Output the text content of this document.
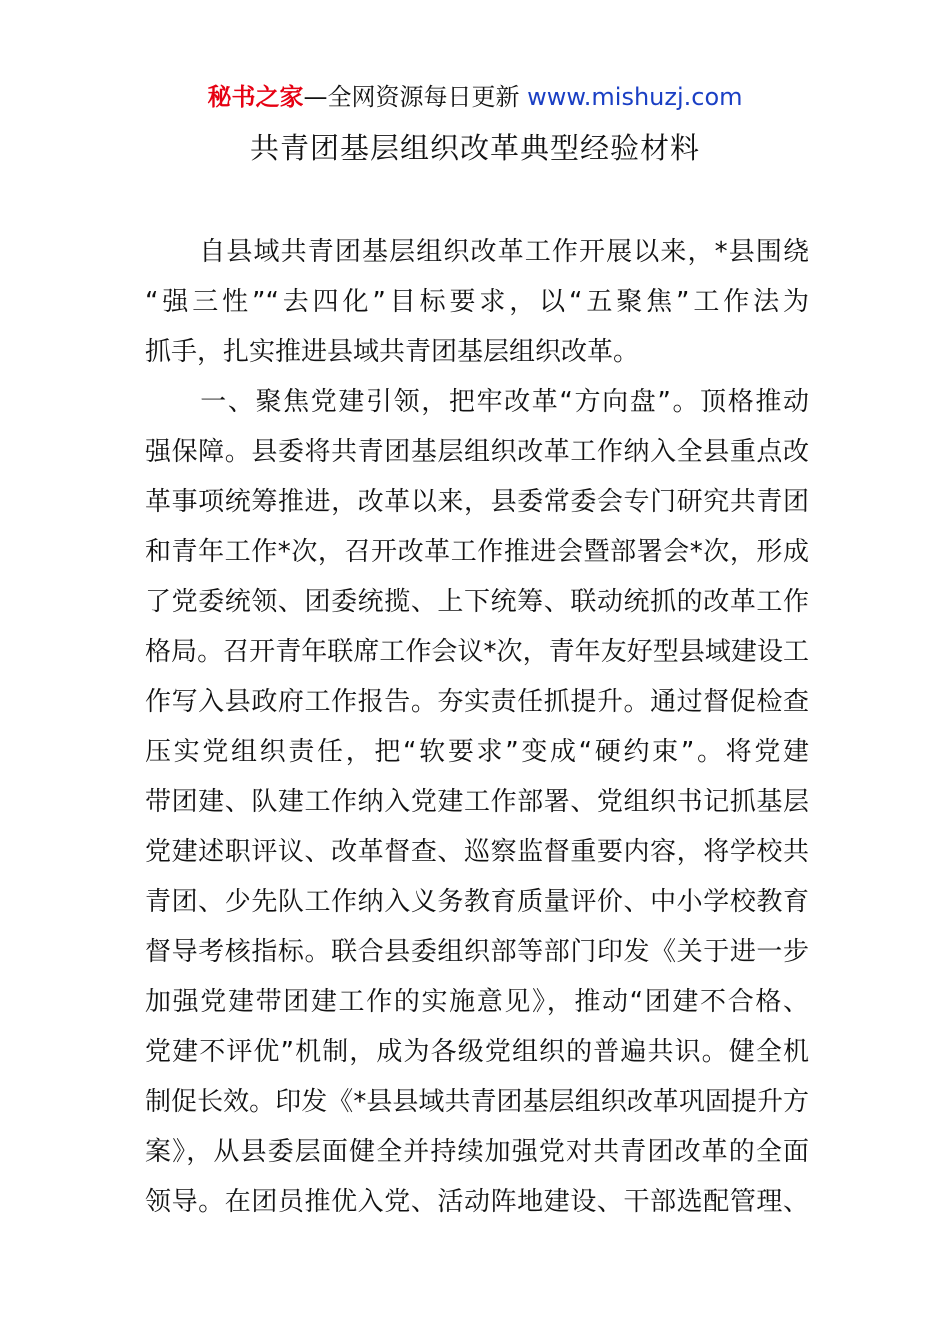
秘书之家—全网资源每日更新 www.mishuzj.com
共青团基层组织改革典型经验材料
　　自县域共青团基层组织改革工作开展以来，*县围绕
“强三性”“去四化”目标要求，以“五聚焦”工作法为
抓手，扎实推进县域共青团基层组织改革。
　　一、聚焦党建引领，把牢改革“方向盘”。顶格推动
强保障。县委将共青团基层组织改革工作纳入全县重点改
革事项统筹推进，改革以来，县委常委会专门研究共青团
和青年工作*次，召开改革工作推进会暨部署会*次，形成
了党委统领、团委统揽、上下统筹、联动统抓的改革工作
格局。召开青年联席工作会议*次，青年友好型县域建设工
作写入县政府工作报告。夯实责任抓提升。通过督促检查
压实党组织责任，把“软要求”变成“硬约束”。将党建
带团建、队建工作纳入党建工作部署、党组织书记抓基层
党建述职评议、改革督查、巡察监督重要内容，将学校共
青团、少先队工作纳入义务教育质量评价、中小学校教育
督导考核指标。联合县委组织部等部门印发《关于进一步
加强党建带团建工作的实施意见》，推动“团建不合格、
党建不评优”机制，成为各级党组织的普遍共识。健全机
制促长效。印发《*县县域共青团基层组织改革巩固提升方
案》，从县委层面健全并持续加强党对共青团改革的全面
领导。在团员推优入党、活动阵地建设、干部选配管理、
